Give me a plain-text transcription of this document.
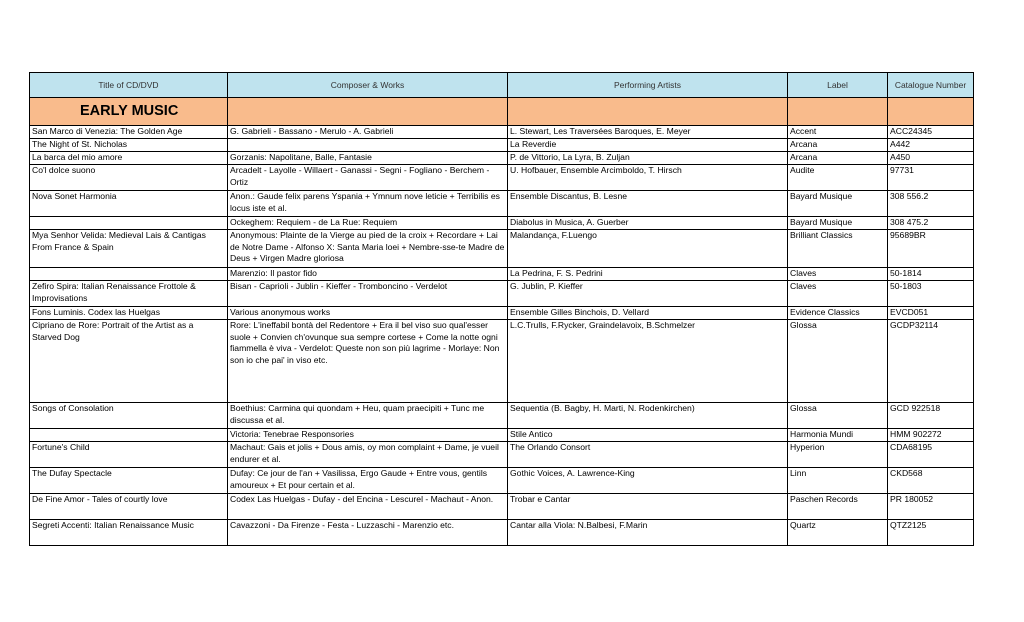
Title of CD/DVD	Composer & Works	Performing Artists	Label	Catalogue Number
EARLY MUSIC				
San Marco di Venezia: The Golden Age	G. Gabrieli - Bassano - Merulo - A. Gabrieli	L. Stewart, Les Traversées Baroques, E. Meyer	Accent	ACC24345
The Night of St. Nicholas		La Reverdie	Arcana	A442
La barca del mio amore	Gorzanis: Napolitane, Balle, Fantasie	P. de Vittorio, La Lyra, B. Zuljan	Arcana	A450
Co'l dolce suono	Arcadelt - Layolle - Willaert - Ganassi - Segni - Fogliano - Berchem - Ortiz	U. Hofbauer, Ensemble Arcimboldo, T. Hirsch	Audite	97731
Nova Sonet Harmonia	Anon.: Gaude felix parens Yspania + Ymnum nove leticie + Terribilis es locus iste et al.	Ensemble Discantus, B. Lesne	Bayard Musique	308 556.2
	Ockeghem: Requiem - de La Rue: Requiem	Diabolus in Musica, A. Guerber	Bayard Musique	308 475.2
Mya Senhor Velida: Medieval Lais & Cantigas From France & Spain	Anonymous: Plainte de la Vierge au pied de la croix + Recordare + Lai de Notre Dame - Alfonso X: Santa Maria loei + Nembre-sse-te Madre de Deus + Virgen Madre gloriosa	Malandança, F.Luengo	Brilliant Classics	95689BR
	Marenzio: Il pastor fido	La Pedrina, F. S. Pedrini	Claves	50-1814
Zefiro Spira: Italian Renaissance Frottole & Improvisations	Bisan - Caprioli - Jublin - Kieffer - Tromboncino - Verdelot	G. Jublin, P. Kieffer	Claves	50-1803
Fons Luminis. Codex las Huelgas	Various anonymous works	Ensemble Gilles Binchois, D. Vellard	Evidence Classics	EVCD051
Cipriano de Rore: Portrait of the Artist as a Starved Dog	Rore: L'ineffabil bontà del Redentore + Era il bel viso suo qual'esser suole + Convien ch'ovunque sua sempre cortese + Come la notte ogni fiammella è viva - Verdelot: Queste non son più lagrime - Morlaye: Non son io che pai' in viso etc.	L.C.Trulls, F.Rycker, Graindelavoix, B.Schmelzer	Glossa	GCDP32114
Songs of Consolation	Boethius: Carmina qui quondam + Heu, quam praecipiti + Tunc me discussa et al.	Sequentia (B. Bagby, H. Marti, N. Rodenkirchen)	Glossa	GCD 922518
	Victoria: Tenebrae Responsories	Stile Antico	Harmonia Mundi	HMM 902272
Fortune's Child	Machaut: Gais et jolis + Dous amis, oy mon complaint + Dame, je vueil endurer et al.	The Orlando Consort	Hyperion	CDA68195
The Dufay Spectacle	Dufay: Ce jour de l'an + Vasilissa, Ergo Gaude + Entre vous, gentils amoureux + Et pour certain et al.	Gothic Voices, A. Lawrence-King	Linn	CKD568
De Fine Amor - Tales of courtly love	Codex Las Huelgas - Dufay - del Encina - Lescurel - Machaut - Anon.	Trobar e Cantar	Paschen Records	PR 180052
Segreti Accenti: Italian Renaissance Music	Cavazzoni - Da Firenze - Festa - Luzzaschi - Marenzio etc.	Cantar alla Viola: N.Balbesi, F.Marin	Quartz	QTZ2125
